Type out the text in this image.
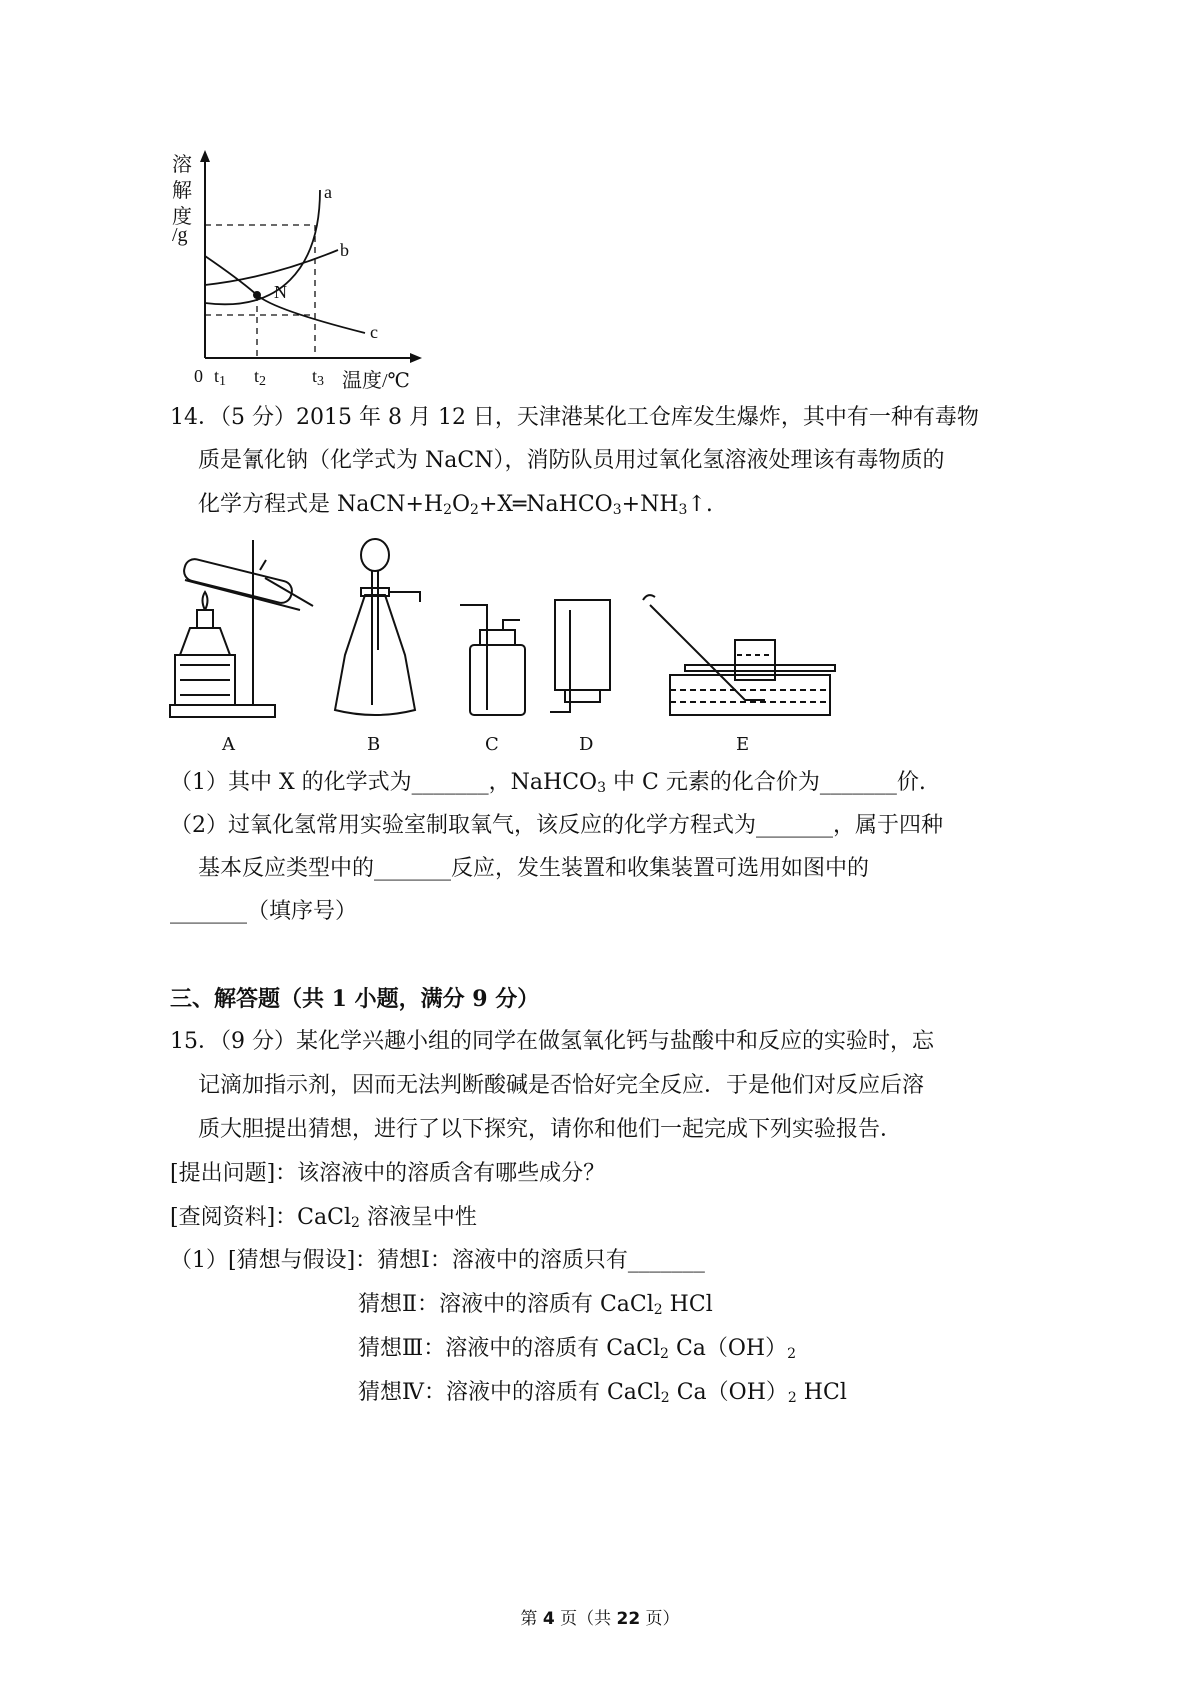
溶
解
度
/g
a
b
c
N
0 $t_1$ $t_2$	$t_3$ 温度/℃
14．（5 分）2015 年 8 月 12 日，天津港某化工仓库发生爆炸，其中有一种有毒物
质是氰化钠（化学式为 NaCN），消防队员用过氧化氢溶液处理该有毒物质的
化学方程式是 $NaCN+H_2O_2+X═NaHCO_3+NH_3↑$.
A	B	C	D	E
（1）其中 X 的化学式为_______，NaHCO$_3$ 中 C 元素的化合价为_______价.
（2）过氧化氢常用实验室制取氧气，该反应的化学方程式为_______，属于四种
基本反应类型中的_______反应，发生装置和收集装置可选用如图中的
_______（填序号）
三、解答题（共 1 小题，满分 9 分）
15．（9 分）某化学兴趣小组的同学在做氢氧化钙与盐酸中和反应的实验时，忘
记滴加指示剂，因而无法判断酸碱是否恰好完全反应．于是他们对反应后溶
质大胆提出猜想，进行了以下探究，请你和他们一起完成下列实验报告．
[提出问题]：该溶液中的溶质含有哪些成分？
[查阅资料]：CaCl$_2$ 溶液呈中性
（1）[猜想与假设]：猜想Ⅰ：溶液中的溶质只有_______
猜想Ⅱ：溶液中的溶质有 CaCl$_2$ HCl
猜想Ⅲ：溶液中的溶质有 CaCl$_2$ $Ca(OH)_2$
猜想Ⅳ：溶液中的溶质有 CaCl$_2$ $Ca(OH)_2$ HCl
第 4 页（共 22 页）
